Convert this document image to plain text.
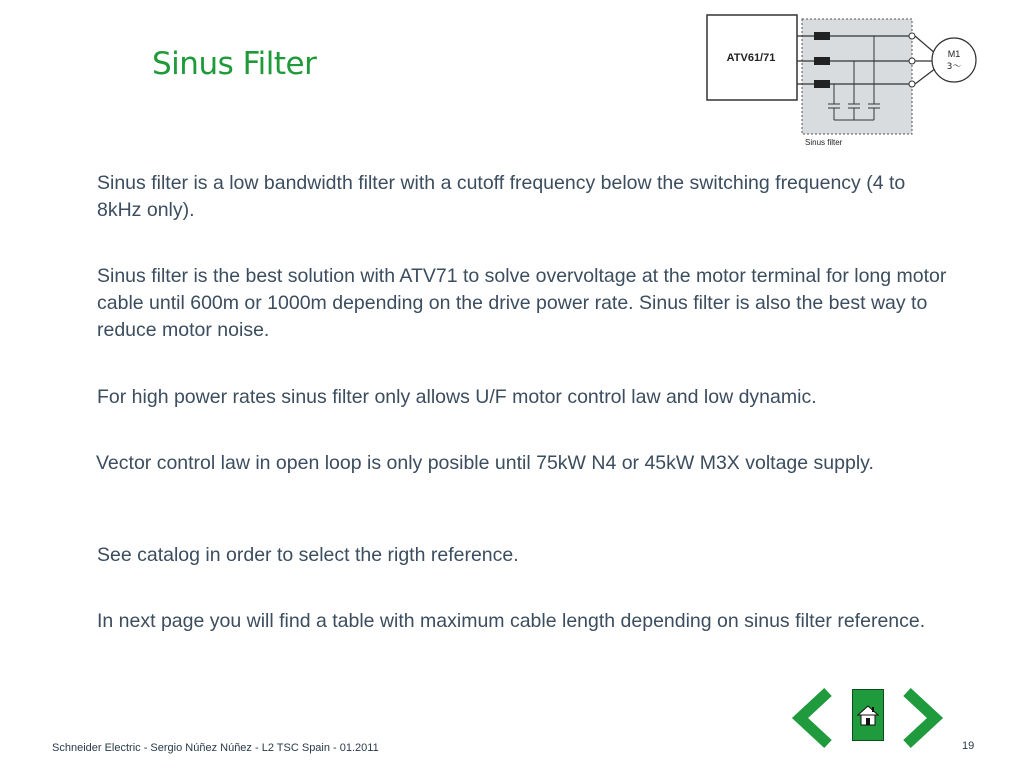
Sinus Filter	ATV61/71	M1
3～
Sinus filter

Sinus filter is a low bandwidth filter with a cutoff frequency below the switching frequency (4 to 8kHz only).

Sinus filter is the best solution with ATV71 to solve overvoltage at the motor terminal for long motor cable until 600m or 1000m depending on the drive power rate. Sinus filter is also the best way to reduce motor noise.

For high power rates sinus filter only allows U/F motor control law and low dynamic.

Vector control law in open loop is only posible until 75kW N4 or 45kW M3X voltage supply.

See catalog in order to select the rigth reference.

In next page you will find a table with maximum cable length depending on sinus filter reference.

Schneider Electric - Sergio Núñez Núñez - L2 TSC Spain - 01.2011	19
